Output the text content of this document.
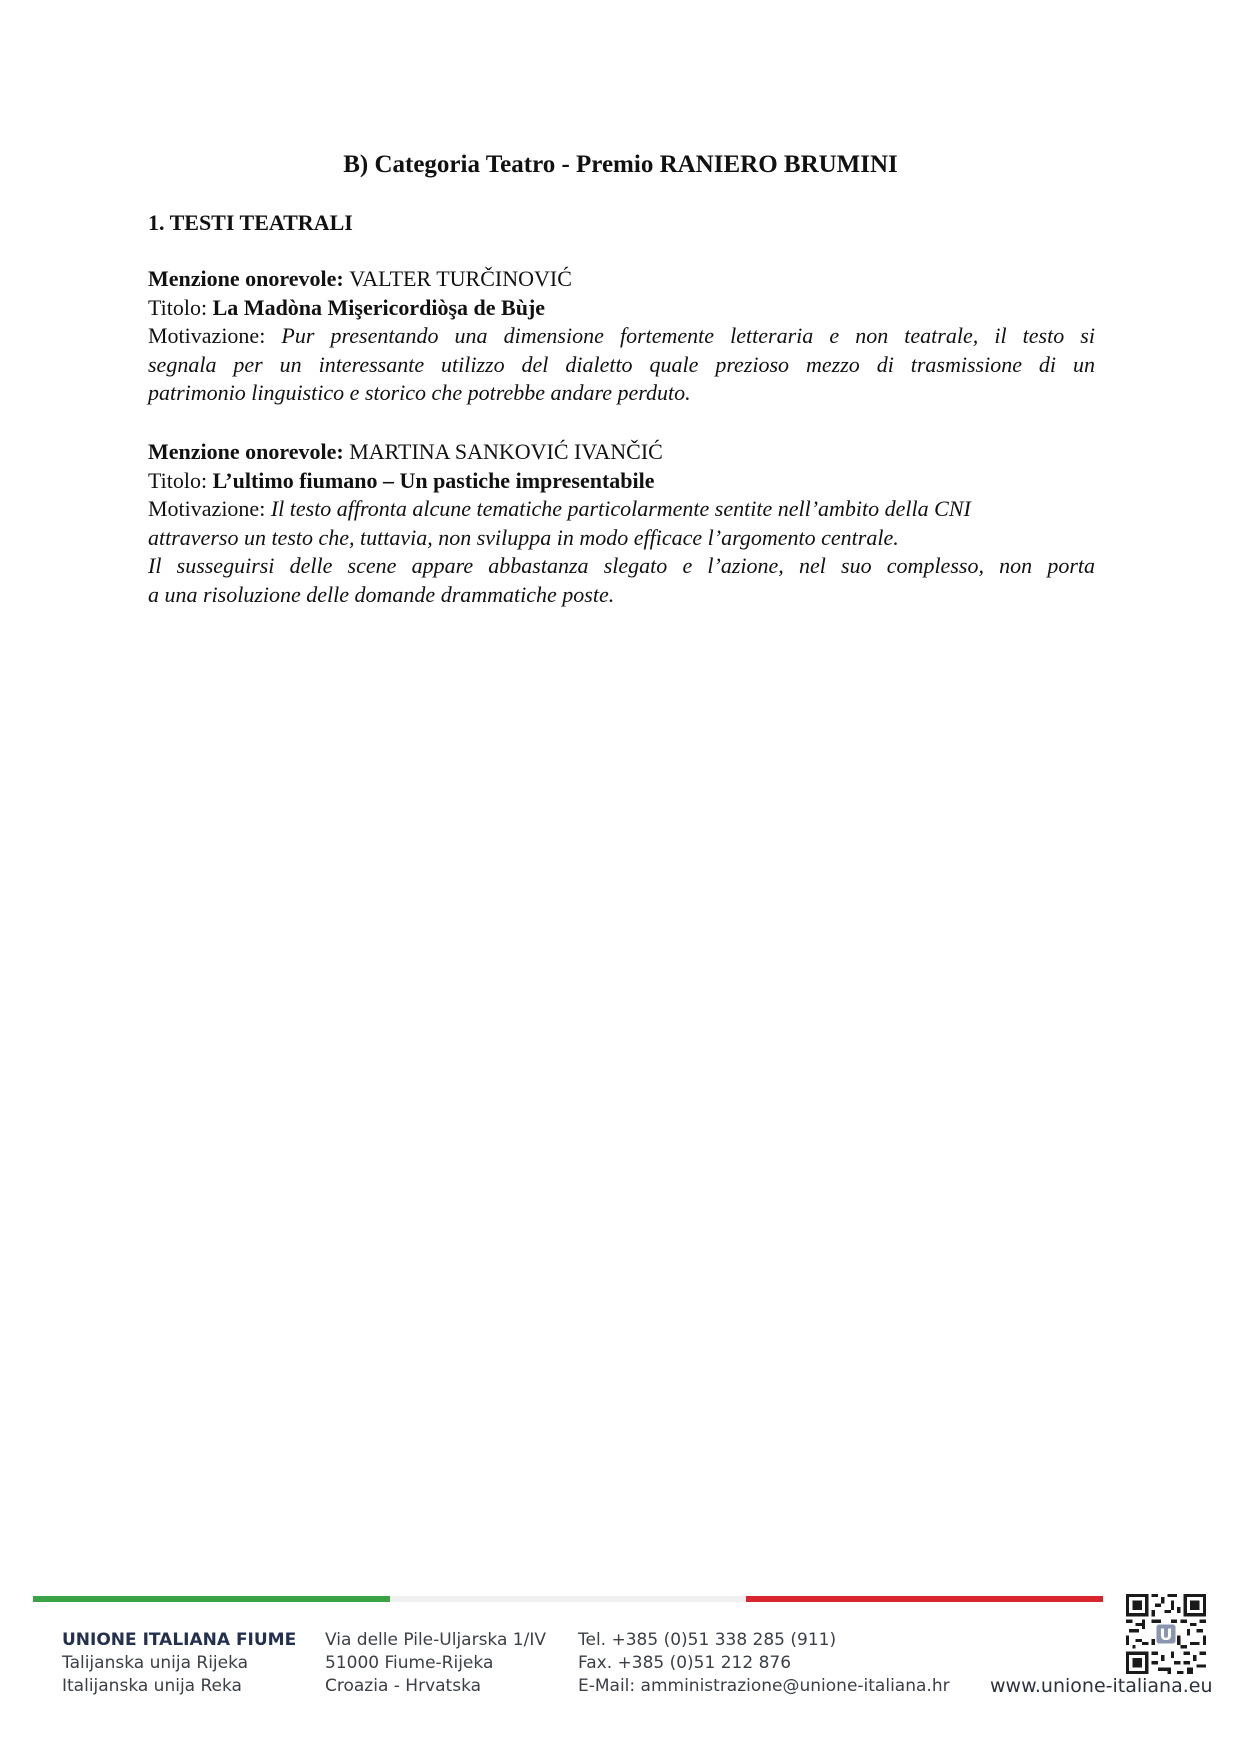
B) Categoria Teatro - Premio RANIERO BRUMINI
1. TESTI TEATRALI
Menzione onorevole: VALTER TURČINOVIĆ
Titolo: La Madòna Mişericordiòşa de Bùje
Motivazione: Pur presentando una dimensione fortemente letteraria e non teatrale, il testo si
segnala per un interessante utilizzo del dialetto quale prezioso mezzo di trasmissione di un
patrimonio linguistico e storico che potrebbe andare perduto.
Menzione onorevole: MARTINA SANKOVIĆ IVANČIĆ
Titolo: L’ultimo fiumano – Un pastiche impresentabile
Motivazione: Il testo affronta alcune tematiche particolarmente sentite nell’ambito della CNI
attraverso un testo che, tuttavia, non sviluppa in modo efficace l’argomento centrale.
Il susseguirsi delle scene appare abbastanza slegato e l’azione, nel suo complesso, non porta
a una risoluzione delle domande drammatiche poste.
UNIONE ITALIANA FIUME
Talijanska unija Rijeka
Italijanska unija Reka
Via delle Pile-Uljarska 1/IV
51000 Fiume-Rijeka
Croazia - Hrvatska
Tel. +385 (0)51 338 285 (911)
Fax. +385 (0)51 212 876
E-Mail: amministrazione@unione-italiana.hr www.unione-italiana.eu
U
